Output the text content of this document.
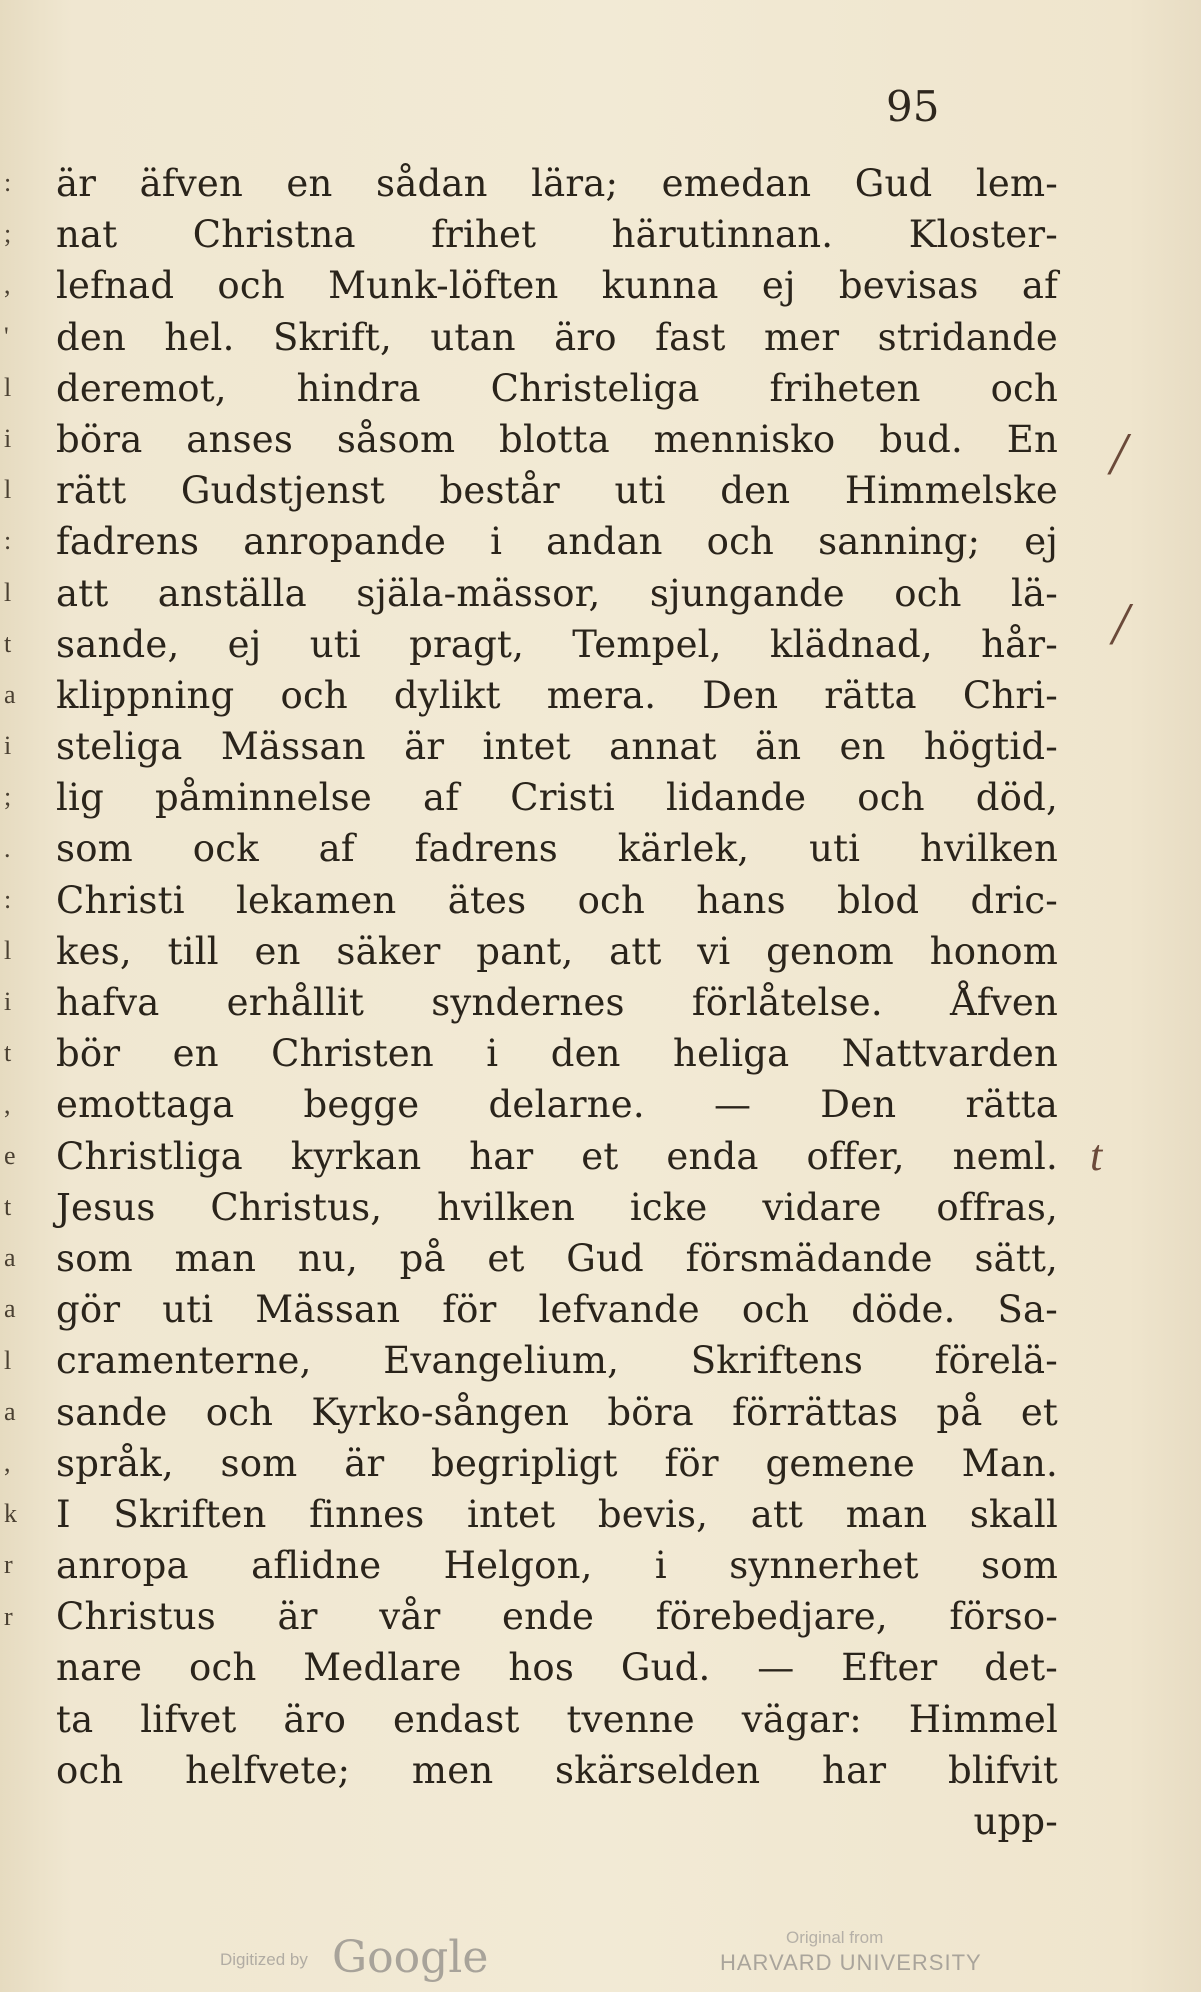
:
;
,
'
l
i
l
:
l
t
a
i
;
.
:
l
i
t
,
e
t
a
a
l
a
,
k
r
r
95
är äfven en sådan lära; emedan Gud lem-
nat Christna frihet härutinnan. Kloster-
lefnad och Munk-löften kunna ej bevisas af
den hel. Skrift, utan äro fast mer stridande
deremot, hindra Christeliga friheten och
böra anses såsom blotta mennisko bud. En
rätt Gudstjenst består uti den Himmelske
fadrens anropande i andan och sanning; ej
att anställa själa-mässor, sjungande och lä-
sande, ej uti pragt, Tempel, klädnad, hår-
klippning och dylikt mera. Den rätta Chri-
steliga Mässan är intet annat än en högtid-
lig påminnelse af Cristi lidande och död,
som ock af fadrens kärlek, uti hvilken
Christi lekamen ätes och hans blod dric-
kes, till en säker pant, att vi genom honom
hafva erhållit syndernes förlåtelse. Åfven
bör en Christen i den heliga Nattvarden
emottaga begge delarne. — Den rätta
Christliga kyrkan har et enda offer, neml.
Jesus Christus, hvilken icke vidare offras,
som man nu, på et Gud försmädande sätt,
gör uti Mässan för lefvande och döde. Sa-
cramenterne, Evangelium, Skriftens förelä-
sande och Kyrko-sången böra förrättas på et
språk, som är begripligt för gemene Man.
I Skriften finnes intet bevis, att man skall
anropa aflidne Helgon, i synnerhet som
Christus är vår ende förebedjare, förso-
nare och Medlare hos Gud. — Efter det-
ta lifvet äro endast tvenne vägar: Himmel
och helfvete; men skärselden har blifvit
upp-
/
/
t
Digitized by Google	Original from
HARVARD UNIVERSITY
